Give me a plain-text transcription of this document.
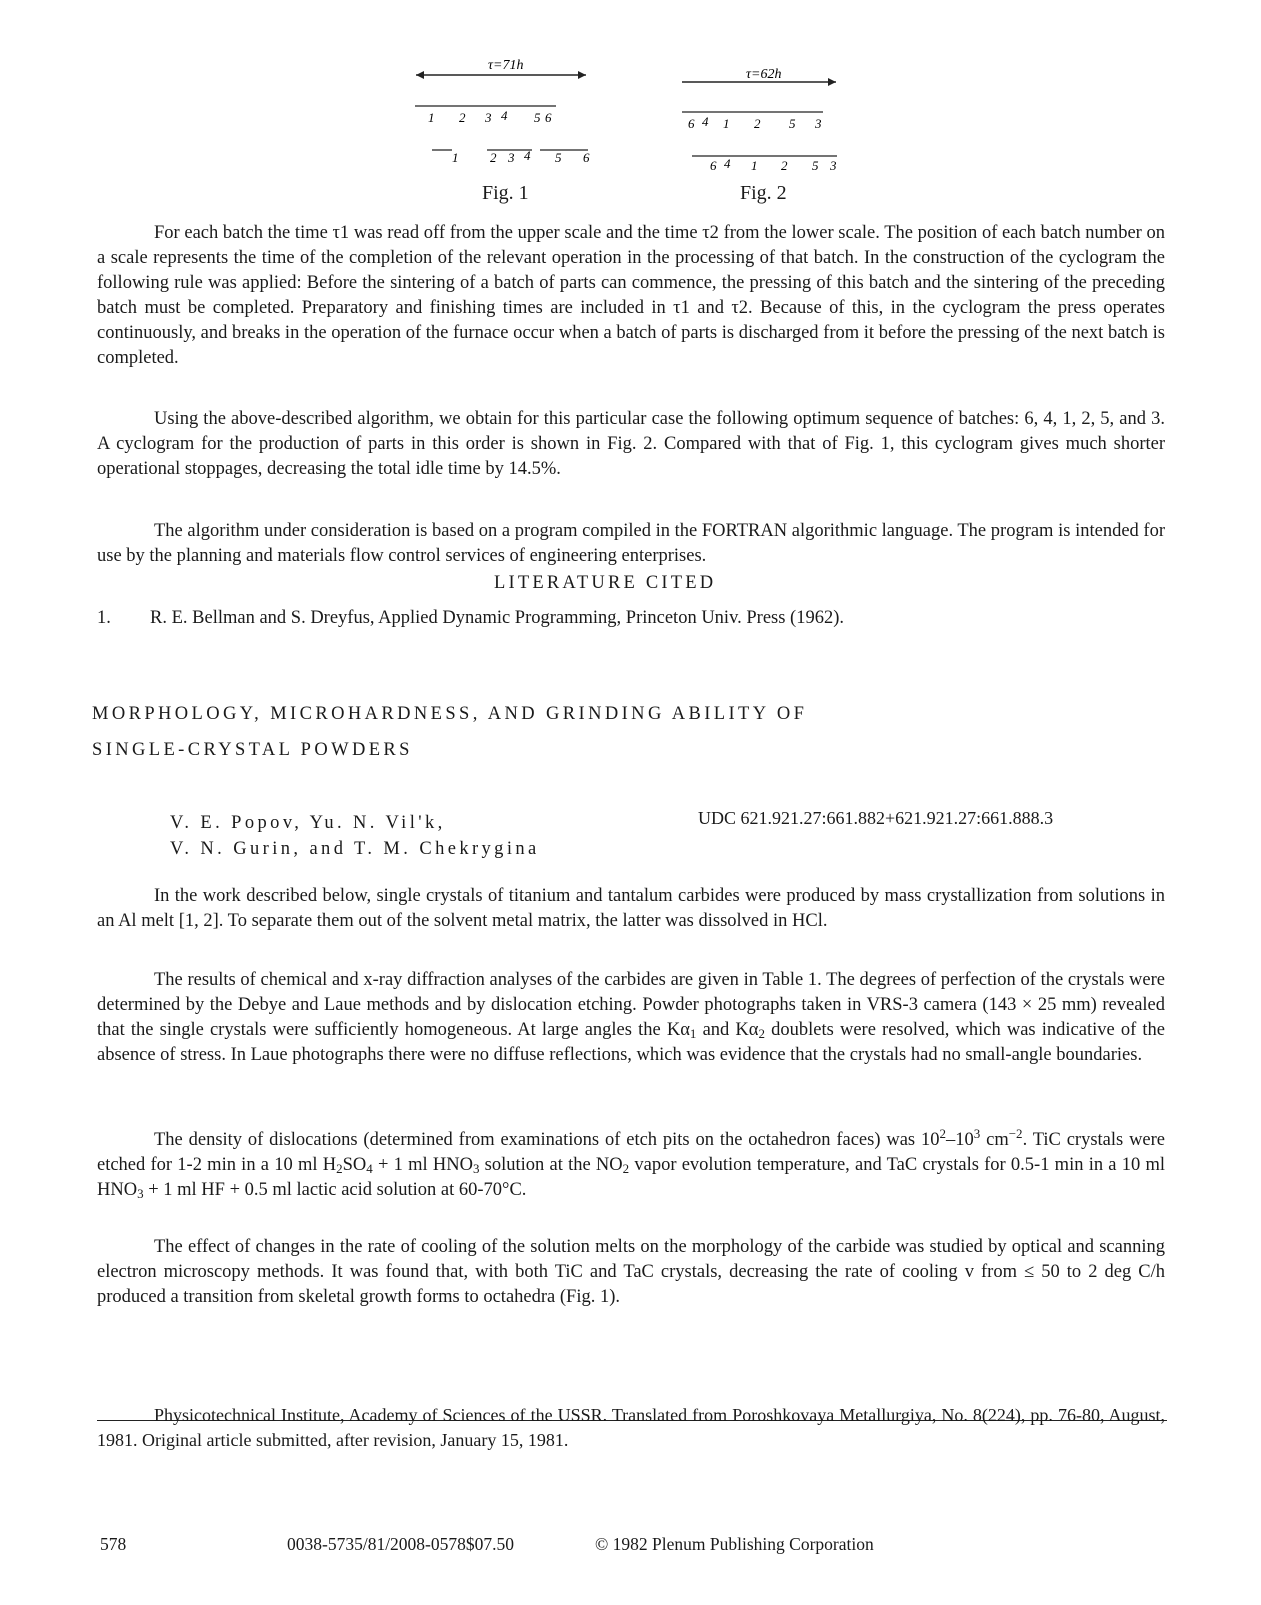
τ=71h
1 2 3 4 5 6
1 2 3 4 5 6
Fig. 1
τ=62h
6 4 1 2 5 3
6 4 1 2 5 3
Fig. 2
For each batch the time τ1 was read off from the upper scale and the time τ2 from the lower scale. The position of each batch number on a scale represents the time of the completion of the relevant operation in the processing of that batch. In the construction of the cyclogram the following rule was applied: Before the sintering of a batch of parts can commence, the pressing of this batch and the sintering of the preceding batch must be completed. Preparatory and finishing times are included in τ1 and τ2. Because of this, in the cyclogram the press operates continuously, and breaks in the operation of the furnace occur when a batch of parts is discharged from it before the pressing of the next batch is completed.
Using the above-described algorithm, we obtain for this particular case the following optimum sequence of batches: 6, 4, 1, 2, 5, and 3. A cyclogram for the production of parts in this order is shown in Fig. 2. Compared with that of Fig. 1, this cyclogram gives much shorter operational stoppages, decreasing the total idle time by 14.5%.
The algorithm under consideration is based on a program compiled in the FORTRAN algorithmic language. The program is intended for use by the planning and materials flow control services of engineering enterprises.
LITERATURE CITED
1. R. E. Bellman and S. Dreyfus, Applied Dynamic Programming, Princeton Univ. Press (1962).
MORPHOLOGY, MICROHARDNESS, AND GRINDING ABILITY OF
SINGLE-CRYSTAL POWDERS
V. E. Popov, Yu. N. Vil'k,
V. N. Gurin, and T. M. Chekrygina
UDC 621.921.27:661.882+621.921.27:661.888.3
In the work described below, single crystals of titanium and tantalum carbides were produced by mass crystallization from solutions in an Al melt [1, 2]. To separate them out of the solvent metal matrix, the latter was dissolved in HCl.
The results of chemical and x-ray diffraction analyses of the carbides are given in Table 1. The degrees of perfection of the crystals were determined by the Debye and Laue methods and by dislocation etching. Powder photographs taken in VRS-3 camera (143 × 25 mm) revealed that the single crystals were sufficiently homogeneous. At large angles the $K\alpha_1$ and $K\alpha_2$ doublets were resolved, which was indicative of the absence of stress. In Laue photographs there were no diffuse reflections, which was evidence that the crystals had no small-angle boundaries.
The density of dislocations (determined from examinations of etch pits on the octahedron faces) was $10^2-10^3$ $cm^{-2}$. TiC crystals were etched for 1-2 min in a 10 ml $H_2SO_4 + 1$ ml $HNO_3$ solution at the $NO_2$ vapor evolution temperature, and TaC crystals for 0.5-1 min in a 10 ml $HNO_3 + 1$ ml HF + 0.5 ml lactic acid solution at 60-70°C.
The effect of changes in the rate of cooling of the solution melts on the morphology of the carbide was studied by optical and scanning electron microscopy methods. It was found that, with both TiC and TaC crystals, decreasing the rate of cooling v from ≤ 50 to 2 deg C/h produced a transition from skeletal growth forms to octahedra (Fig. 1).
Physicotechnical Institute, Academy of Sciences of the USSR. Translated from Poroshkovaya Metallurgiya, No. 8(224), pp. 76-80, August, 1981. Original article submitted, after revision, January 15, 1981.
578	0038-5735/81/2008-0578$07.50	© 1982 Plenum Publishing Corporation
